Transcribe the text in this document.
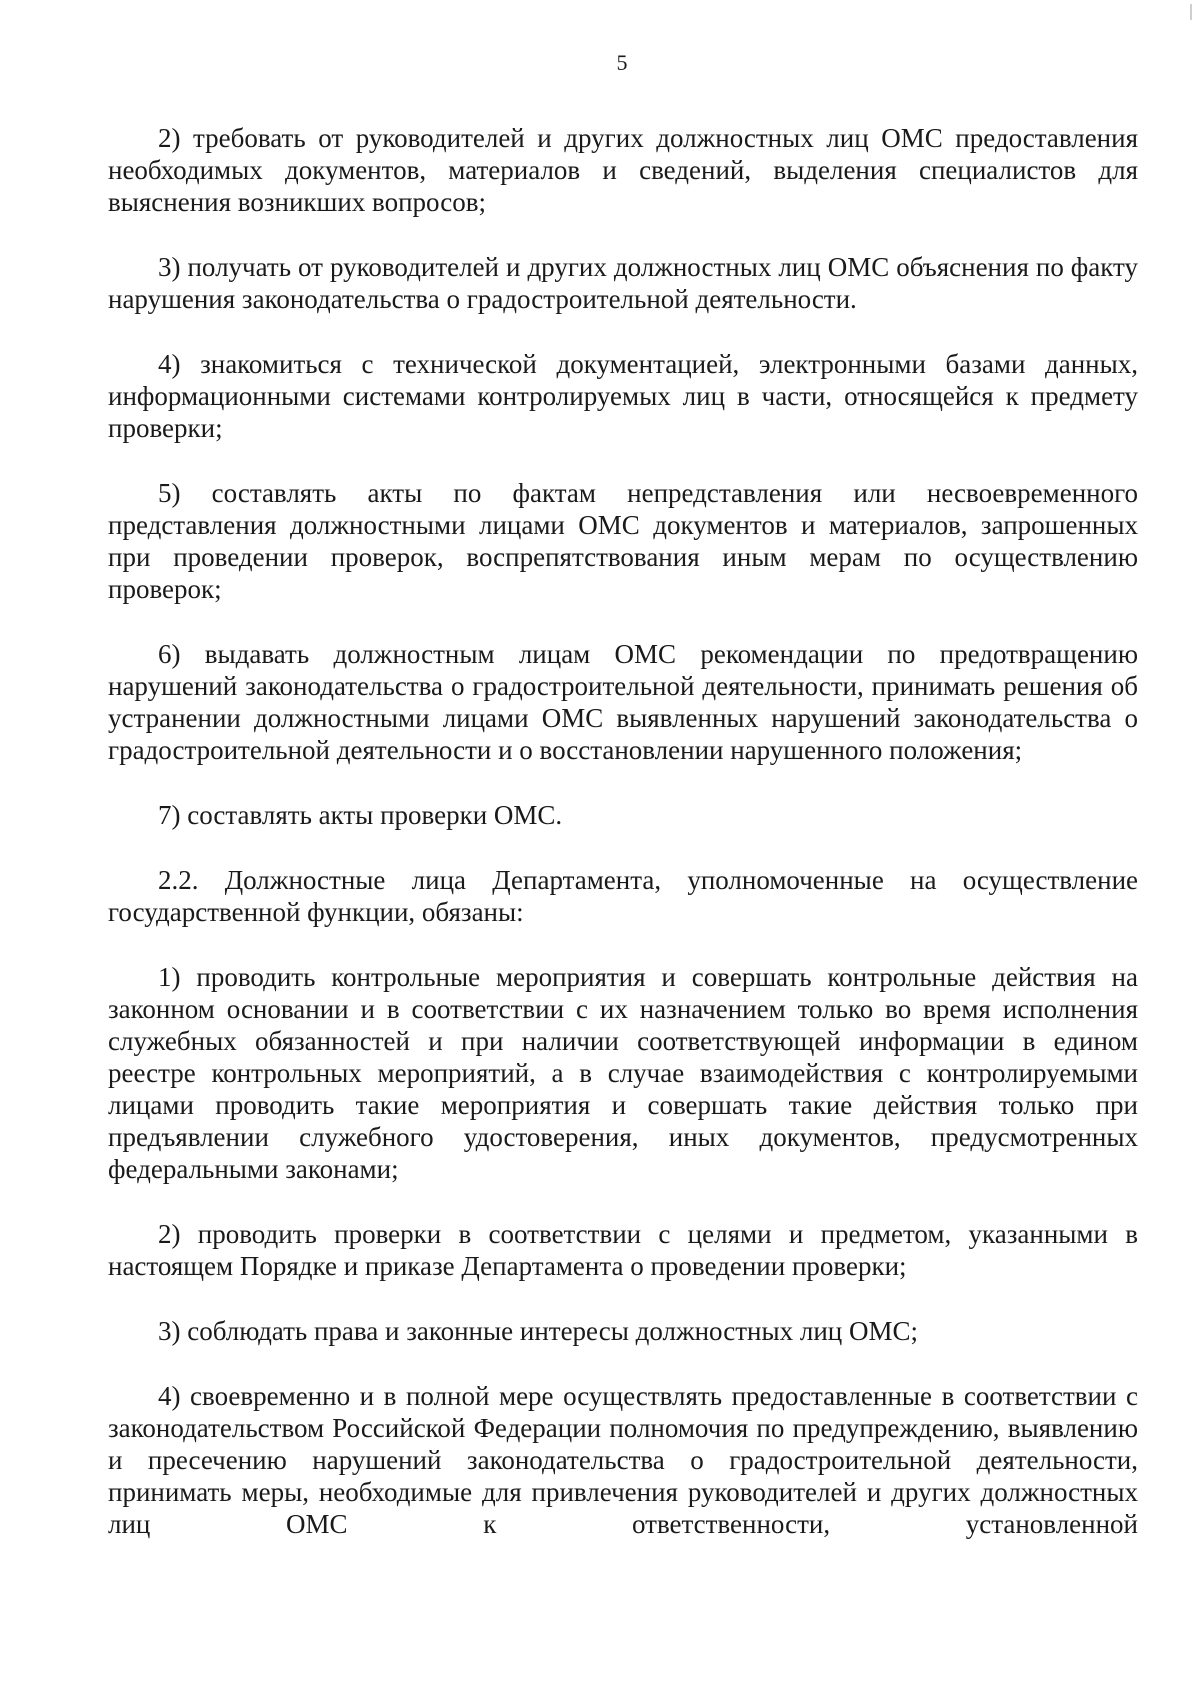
5

2) требовать от руководителей и других должностных лиц ОМС предоставления необходимых документов, материалов и сведений, выделения специалистов для выяснения возникших вопросов;

3) получать от руководителей и других должностных лиц ОМС объяснения по факту нарушения законодательства о градостроительной деятельности.

4) знакомиться с технической документацией, электронными базами данных, информационными системами контролируемых лиц в части, относящейся к предмету проверки;

5) составлять акты по фактам непредставления или несвоевременного представления должностными лицами ОМС документов и материалов, запрошенных при проведении проверок, воспрепятствования иным мерам по осуществлению проверок;

6) выдавать должностным лицам ОМС рекомендации по предотвращению нарушений законодательства о градостроительной деятельности, принимать решения об устранении должностными лицами ОМС выявленных нарушений законодательства о градостроительной деятельности и о восстановлении нарушенного положения;

7) составлять акты проверки ОМС.

2.2. Должностные лица Департамента, уполномоченные на осуществление государственной функции, обязаны:

1) проводить контрольные мероприятия и совершать контрольные действия на законном основании и в соответствии с их назначением только во время исполнения служебных обязанностей и при наличии соответствующей информации в едином реестре контрольных мероприятий, а в случае взаимодействия с контролируемыми лицами проводить такие мероприятия и совершать такие действия только при предъявлении служебного удостоверения, иных документов, предусмотренных федеральными законами;

2) проводить проверки в соответствии с целями и предметом, указанными в настоящем Порядке и приказе Департамента о проведении проверки;

3) соблюдать права и законные интересы должностных лиц ОМС;

4) своевременно и в полной мере осуществлять предоставленные в соответствии с законодательством Российской Федерации полномочия по предупреждению, выявлению и пресечению нарушений законодательства о градостроительной деятельности, принимать меры, необходимые для привлечения руководителей и других должностных лиц ОМС к ответственности, установленной
